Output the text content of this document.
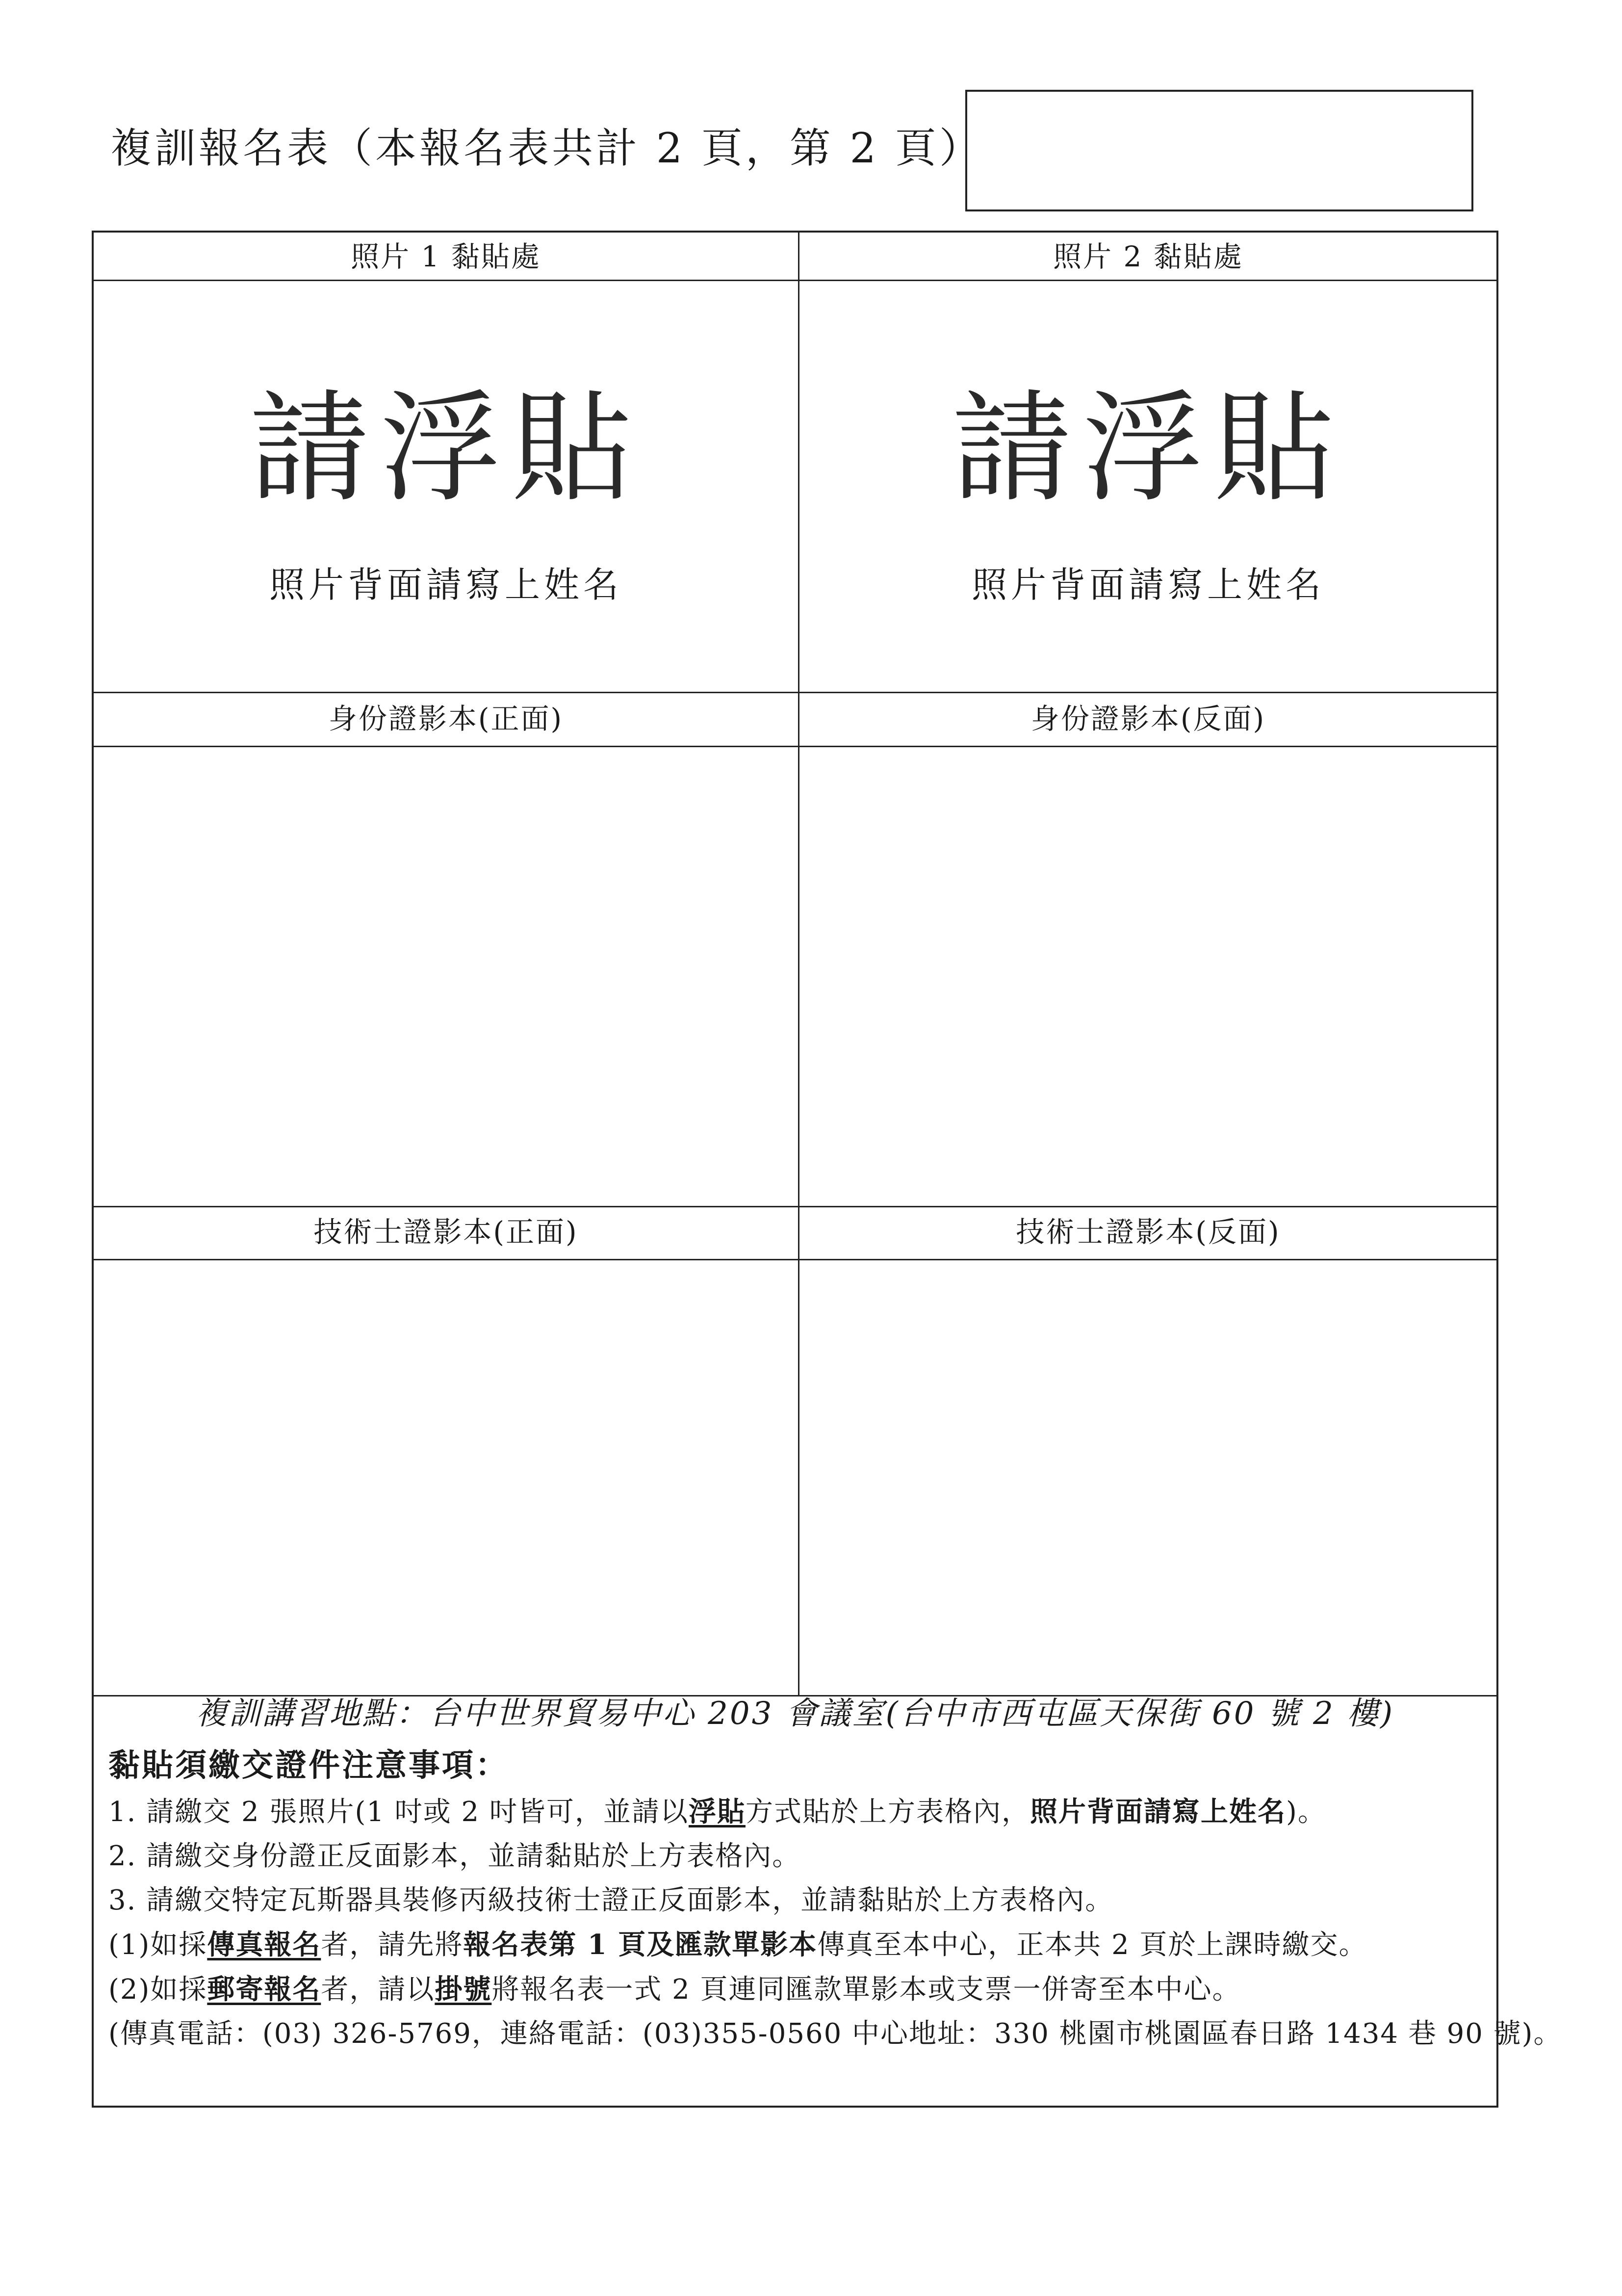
複訓報名表（本報名表共計 2 頁，第 2 頁）
照片 1 黏貼處
請浮貼
照片背面請寫上姓名
照片 2 黏貼處
請浮貼
照片背面請寫上姓名
身份證影本(正面)	身份證影本(反面)
技術士證影本(正面)	技術士證影本(反面)
複訓講習地點：台中世界貿易中心 203 會議室(台中市西屯區天保街 60 號 2 樓)
黏貼須繳交證件注意事項：
1. 請繳交 2 張照片(1 吋或 2 吋皆可，並請以浮貼方式貼於上方表格內，照片背面請寫上姓名)。
2. 請繳交身份證正反面影本，並請黏貼於上方表格內。
3. 請繳交特定瓦斯器具裝修丙級技術士證正反面影本，並請黏貼於上方表格內。
(1)如採傳真報名者，請先將報名表第 1 頁及匯款單影本傳真至本中心，正本共 2 頁於上課時繳交。
(2)如採郵寄報名者，請以掛號將報名表一式 2 頁連同匯款單影本或支票一併寄至本中心。
(傳真電話：(03) 326-5769，連絡電話：(03)355-0560 中心地址：330 桃園市桃園區春日路 1434 巷 90 號)。
